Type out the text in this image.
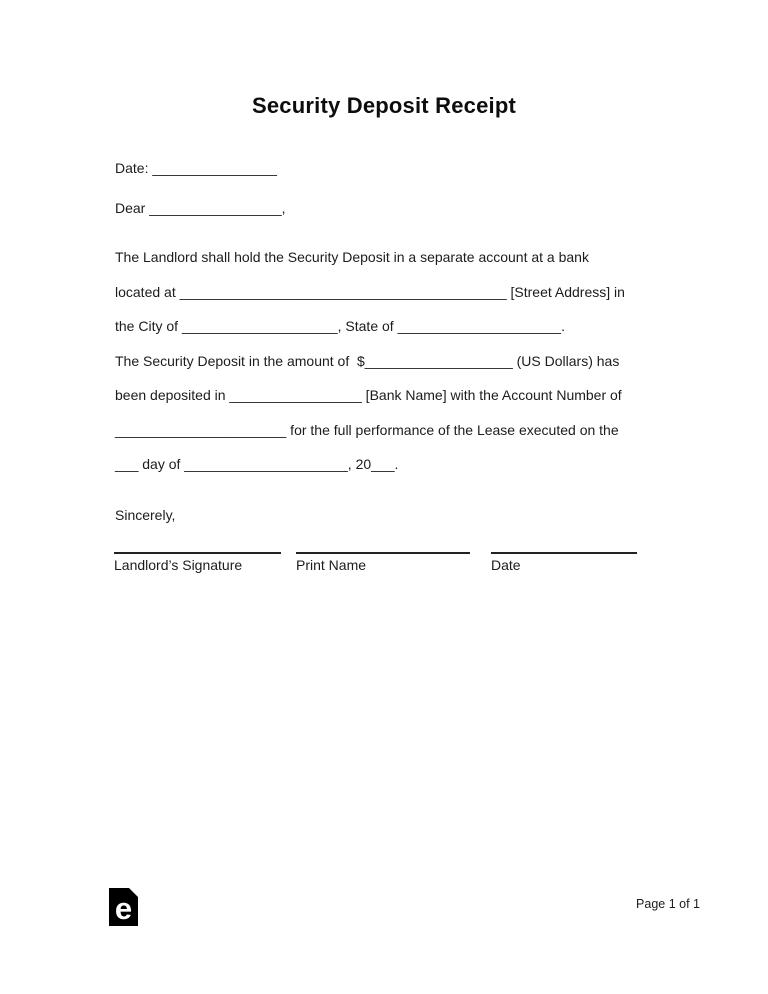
Security Deposit Receipt
Date: ________________
Dear _________________,
The Landlord shall hold the Security Deposit in a separate account at a bank
located at __________________________________________ [Street Address] in
the City of ____________________, State of _____________________.
The Security Deposit in the amount of  $___________________ (US Dollars) has
been deposited in _________________ [Bank Name] with the Account Number of
______________________ for the full performance of the Lease executed on the
___ day of _____________________, 20___.
Sincerely,
Landlord’s Signature	Print Name	Date
e	Page 1 of 1
